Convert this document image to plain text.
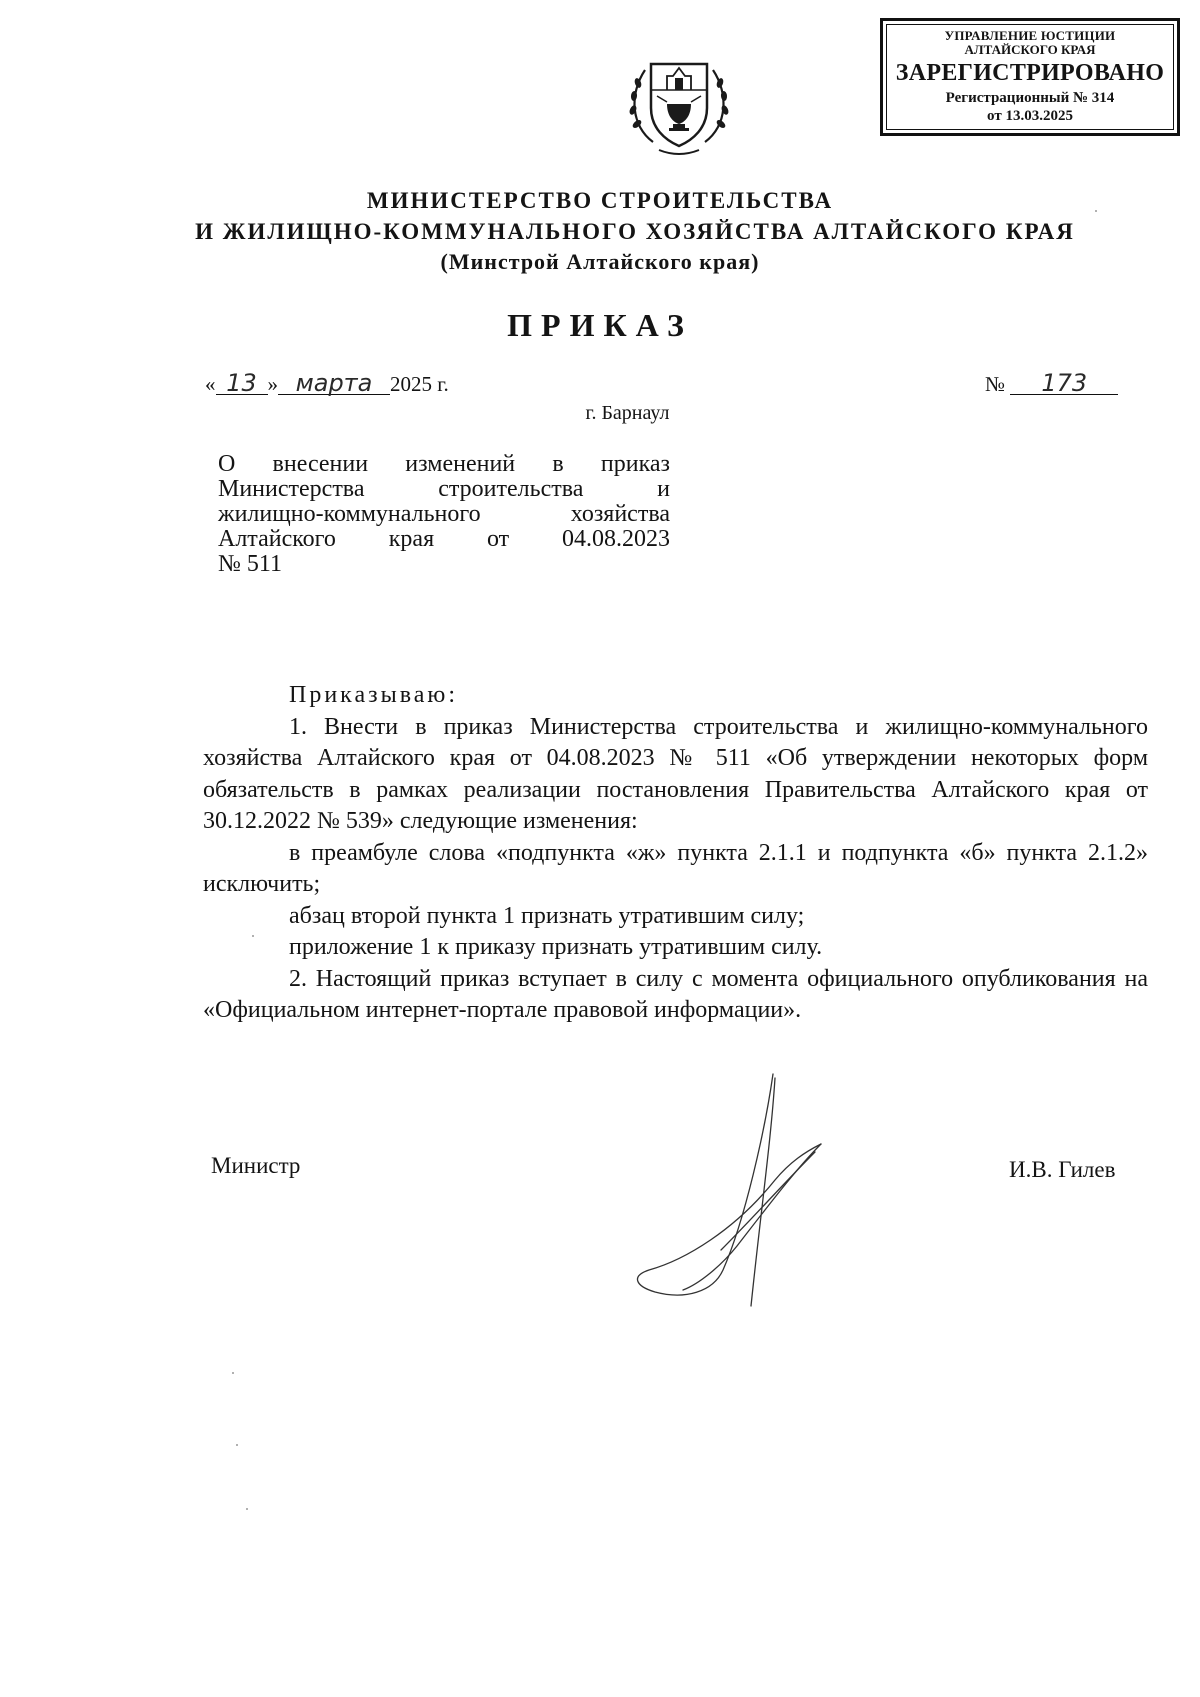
УПРАВЛЕНИЕ ЮСТИЦИИ
АЛТАЙСКОГО КРАЯ
ЗАРЕГИСТРИРОВАНО
Регистрационный № 314
от 13.03.2025
МИНИСТЕРСТВО СТРОИТЕЛЬСТВА
И ЖИЛИЩНО-КОММУНАЛЬНОГО ХОЗЯЙСТВА АЛТАЙСКОГО КРАЯ
(Минстрой Алтайского края)
ПРИКАЗ
« 13 » марта 2025 г.	№ 173
г. Барнаул
О внесении изменений в приказ
Министерства строительства и
жилищно-коммунального хозяйства
Алтайского края от 04.08.2023
№ 511

Приказываю:

1. Внести в приказ Министерства строительства и жилищно-коммунального хозяйства Алтайского края от 04.08.2023 № 511 «Об утверждении некоторых форм обязательств в рамках реализации постановления Правительства Алтайского края от 30.12.2022 № 539» следующие изменения:

в преамбуле слова «подпункта «ж» пункта 2.1.1 и подпункта «б» пункта 2.1.2» исключить;

абзац второй пункта 1 признать утратившим силу;

приложение 1 к приказу признать утратившим силу.

2. Настоящий приказ вступает в силу с момента официального опубликования на «Официальном интернет-портале правовой информации».

Министр	И.В. Гилев
